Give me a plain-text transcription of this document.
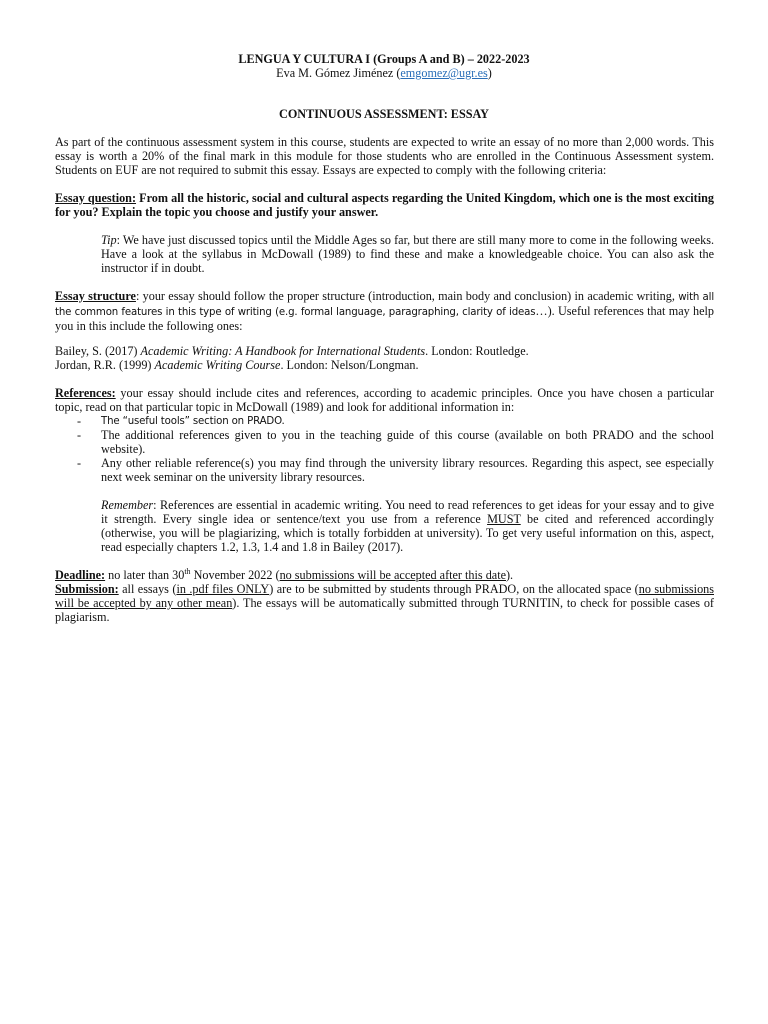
LENGUA Y CULTURA I (Groups A and B) – 2022-2023
Eva M. Gómez Jiménez (emgomez@ugr.es)
CONTINUOUS ASSESSMENT: ESSAY
As part of the continuous assessment system in this course, students are expected to write an essay of no more than 2,000 words. This essay is worth a 20% of the final mark in this module for those students who are enrolled in the Continuous Assessment system. Students on EUF are not required to submit this essay. Essays are expected to comply with the following criteria:
Essay question: From all the historic, social and cultural aspects regarding the United Kingdom, which one is the most exciting for you? Explain the topic you choose and justify your answer.
Tip: We have just discussed topics until the Middle Ages so far, but there are still many more to come in the following weeks. Have a look at the syllabus in McDowall (1989) to find these and make a knowledgeable choice. You can also ask the instructor if in doubt.
Essay structure: your essay should follow the proper structure (introduction, main body and conclusion) in academic writing, with all the common features in this type of writing (e.g. formal language, paragraphing, clarity of ideas…). Useful references that may help you in this include the following ones:
Bailey, S. (2017) Academic Writing: A Handbook for International Students. London: Routledge.
Jordan, R.R. (1999) Academic Writing Course. London: Nelson/Longman.
References: your essay should include cites and references, according to academic principles. Once you have chosen a particular topic, read on that particular topic in McDowall (1989) and look for additional information in:
- The “useful tools” section on PRADO.
- The additional references given to you in the teaching guide of this course (available on both PRADO and the school website).
- Any other reliable reference(s) you may find through the university library resources. Regarding this aspect, see especially next week seminar on the university library resources.
Remember: References are essential in academic writing. You need to read references to get ideas for your essay and to give it strength. Every single idea or sentence/text you use from a reference MUST be cited and referenced accordingly (otherwise, you will be plagiarizing, which is totally forbidden at university). To get very useful information on this, aspect, read especially chapters 1.2, 1.3, 1.4 and 1.8 in Bailey (2017).
Deadline: no later than 30th November 2022 (no submissions will be accepted after this date).
Submission: all essays (in .pdf files ONLY) are to be submitted by students through PRADO, on the allocated space (no submissions will be accepted by any other mean). The essays will be automatically submitted through TURNITIN, to check for possible cases of plagiarism.
